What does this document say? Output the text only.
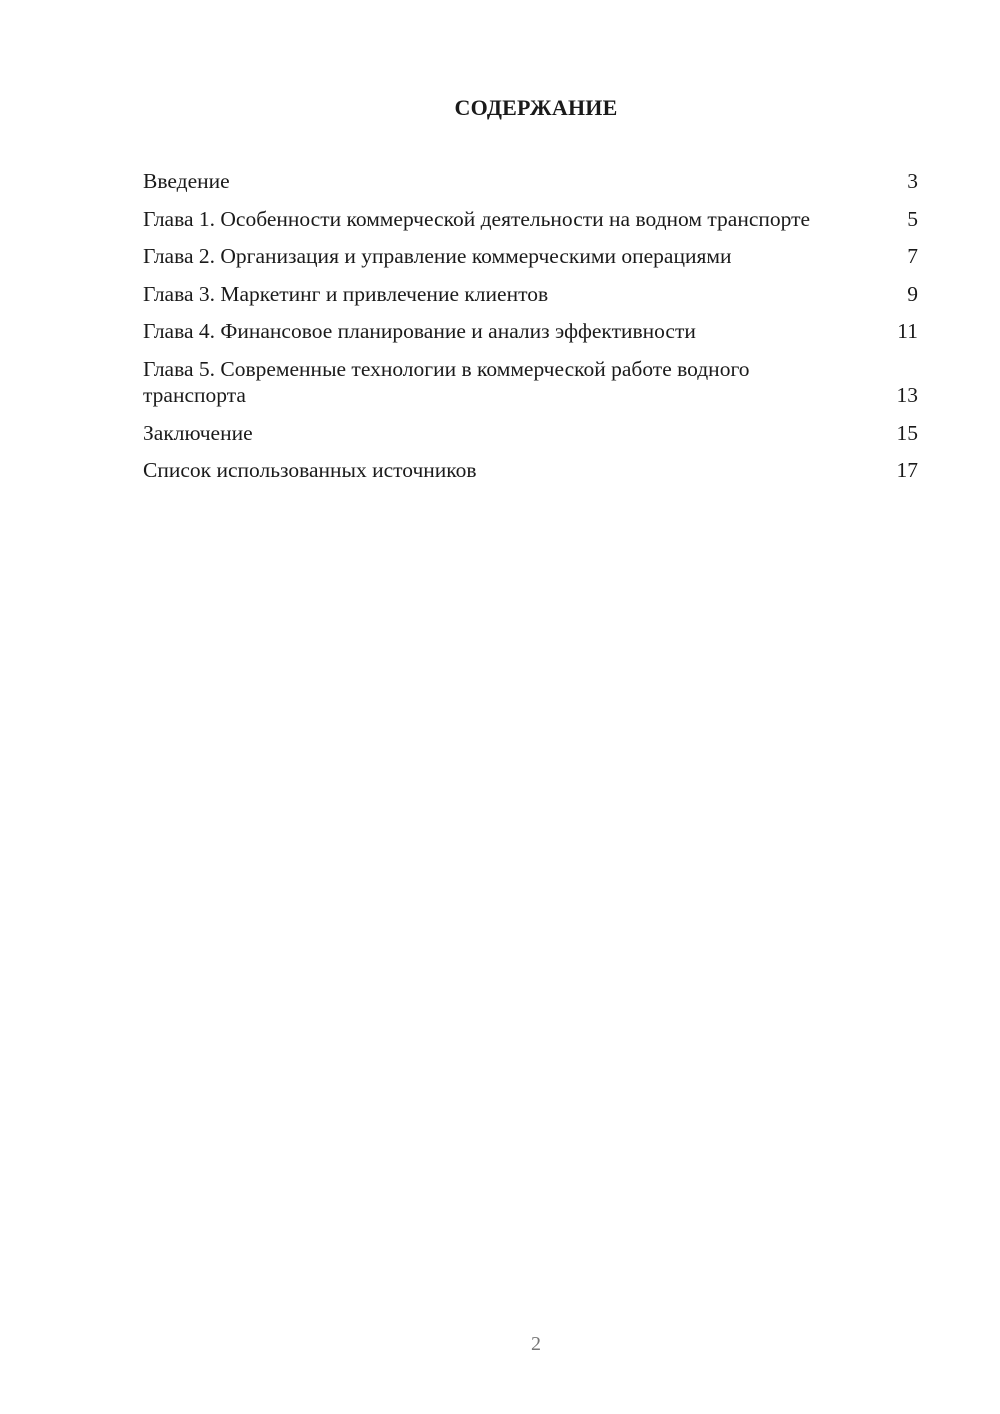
СОДЕРЖАНИЕ
Введение	3
Глава 1. Особенности коммерческой деятельности на водном транспорте	5
Глава 2. Организация и управление коммерческими операциями	7
Глава 3. Маркетинг и привлечение клиентов	9
Глава 4. Финансовое планирование и анализ эффективности	11
Глава 5. Современные технологии в коммерческой работе водного транспорта	13
Заключение	15
Список использованных источников	17
2
